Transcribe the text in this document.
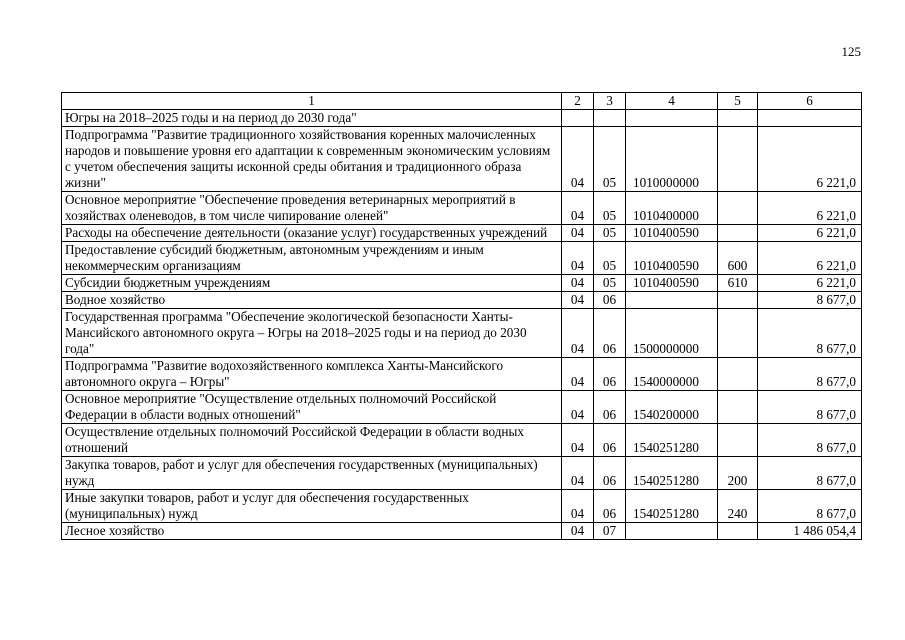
125
1	2	3	4	5	6
Югры на 2018–2025 годы и на период до 2030 года"					
Подпрограмма "Развитие традиционного хозяйствования коренных малочисленных народов и повышение уровня его адаптации к современным экономическим условиям с учетом обеспечения защиты исконной среды обитания и традиционного образа жизни"	04	05	1010000000		6 221,0
Основное мероприятие "Обеспечение проведения ветеринарных мероприятий в хозяйствах оленеводов, в том числе чипирование оленей"	04	05	1010400000		6 221,0
Расходы на обеспечение деятельности (оказание услуг) государственных учреждений	04	05	1010400590		6 221,0
Предоставление субсидий бюджетным, автономным учреждениям и иным некоммерческим организациям	04	05	1010400590	600	6 221,0
Субсидии бюджетным учреждениям	04	05	1010400590	610	6 221,0
Водное хозяйство	04	06			8 677,0
Государственная программа "Обеспечение экологической безопасности Ханты-Мансийского автономного округа – Югры на 2018–2025 годы и на период до 2030 года"	04	06	1500000000		8 677,0
Подпрограмма "Развитие водохозяйственного комплекса Ханты-Мансийского автономного округа – Югры"	04	06	1540000000		8 677,0
Основное мероприятие "Осуществление отдельных полномочий Российской Федерации в области водных отношений"	04	06	1540200000		8 677,0
Осуществление отдельных полномочий Российской Федерации в области водных отношений	04	06	1540251280		8 677,0
Закупка товаров, работ и услуг для обеспечения государственных (муниципальных) нужд	04	06	1540251280	200	8 677,0
Иные закупки товаров, работ и услуг для обеспечения государственных (муниципальных) нужд	04	06	1540251280	240	8 677,0
Лесное хозяйство	04	07			1 486 054,4
